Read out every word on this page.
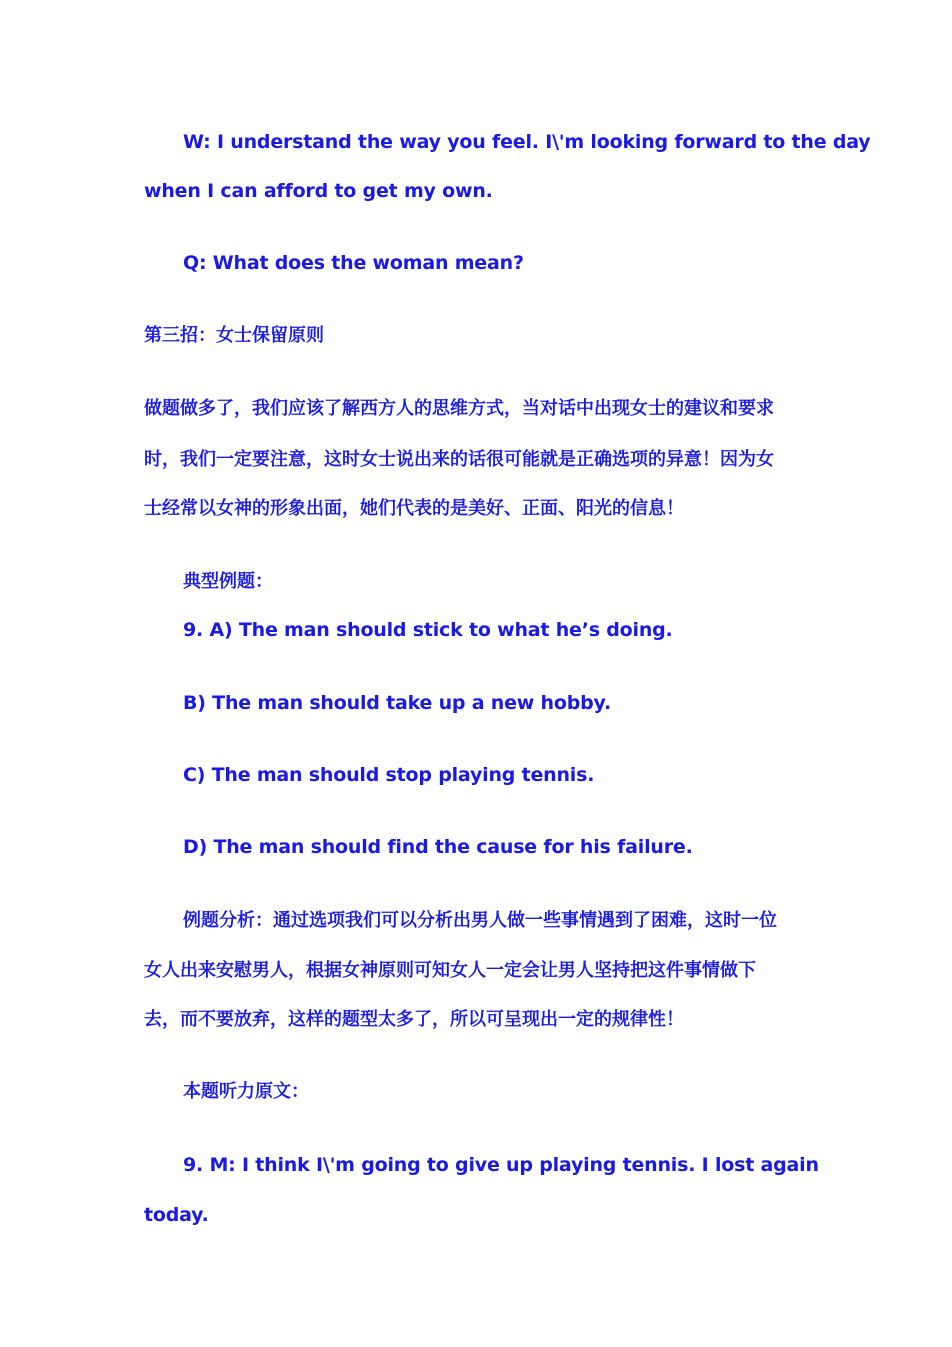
W: I understand the way you feel. I\'m looking forward to the day
when I can afford to get my own.
Q: What does the woman mean?
第三招：女士保留原则
做题做多了，我们应该了解西方人的思维方式，当对话中出现女士的建议和要求
时，我们一定要注意，这时女士说出来的话很可能就是正确选项的异意！因为女
士经常以女神的形象出面，她们代表的是美好、正面、阳光的信息！
典型例题：
9. A) The man should stick to what he’s doing.
B) The man should take up a new hobby.
C) The man should stop playing tennis.
D) The man should find the cause for his failure.
例题分析：通过选项我们可以分析出男人做一些事情遇到了困难，这时一位
女人出来安慰男人，根据女神原则可知女人一定会让男人坚持把这件事情做下
去，而不要放弃，这样的题型太多了，所以可呈现出一定的规律性！
本题听力原文：
9. M: I think I\'m going to give up playing tennis. I lost again
today.
